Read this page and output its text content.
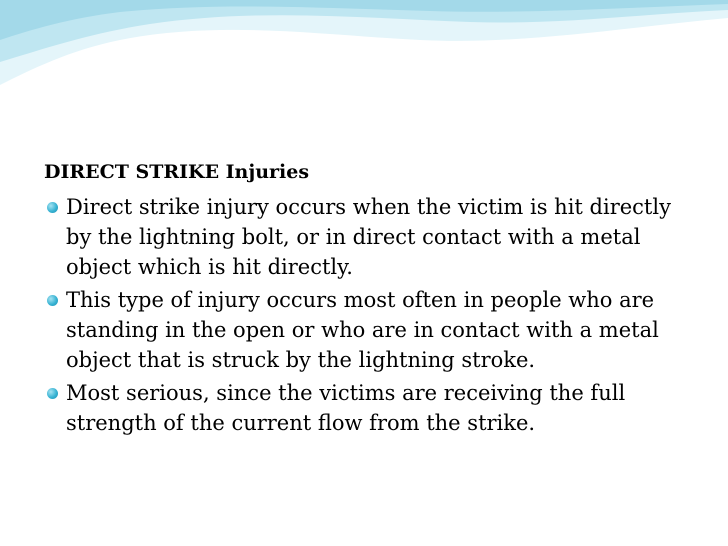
DIRECT STRIKE Injuries
Direct strike injury occurs when the victim is hit directly by the lightning bolt, or in direct contact with a metal object which is hit directly.
This type of injury occurs most often in people who are standing in the open or who are in contact with a metal object that is struck by the lightning stroke.
Most serious, since the victims are receiving the full strength of the current flow from the strike.
